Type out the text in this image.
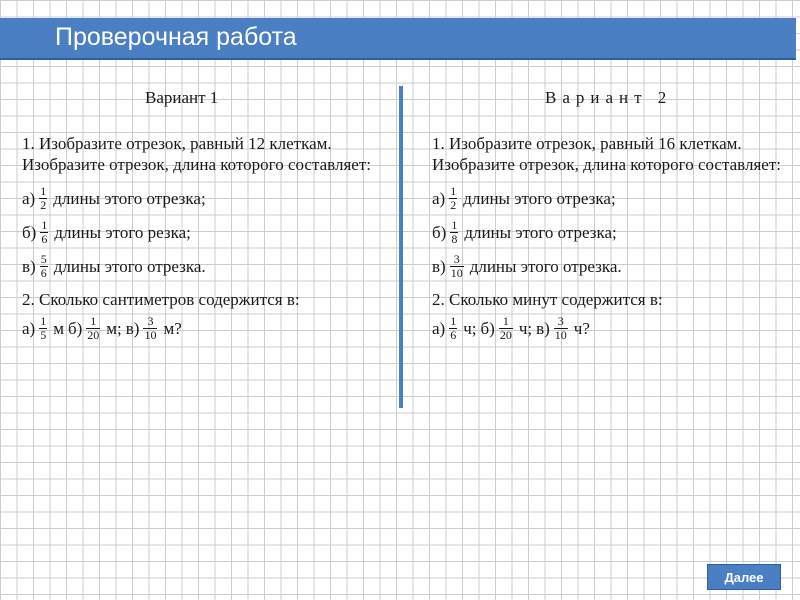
Проверочная работа
Вариант 1	Вариант 2
1. Изобразите отрезок, равный 12 клеткам. Изобразите отрезок, длина которого составляет:
$а) \frac{1}{2}$ длины этого отрезка;
$б) \frac{1}{6}$ длины этого резка;
$в) \frac{5}{6}$ длины этого отрезка.
2. Сколько сантиметров содержится в:
$а) \frac{1}{5}$ м $б) \frac{1}{20} м$; $в) \frac{3}{10} м$?
1. Изобразите отрезок, равный 16 клеткам. Изобразите отрезок, длина которого составляет:
$а) \frac{1}{2}$ длины этого отрезка;
$б) \frac{1}{8}$ длины этого отрезка;
$в) \frac{3}{10}$ длины этого отрезка.
2. Сколько минут содержится в:
$а) \frac{1}{6} ч$; $б) \frac{1}{20} ч$; $в) \frac{3}{10} ч$?
Далее
